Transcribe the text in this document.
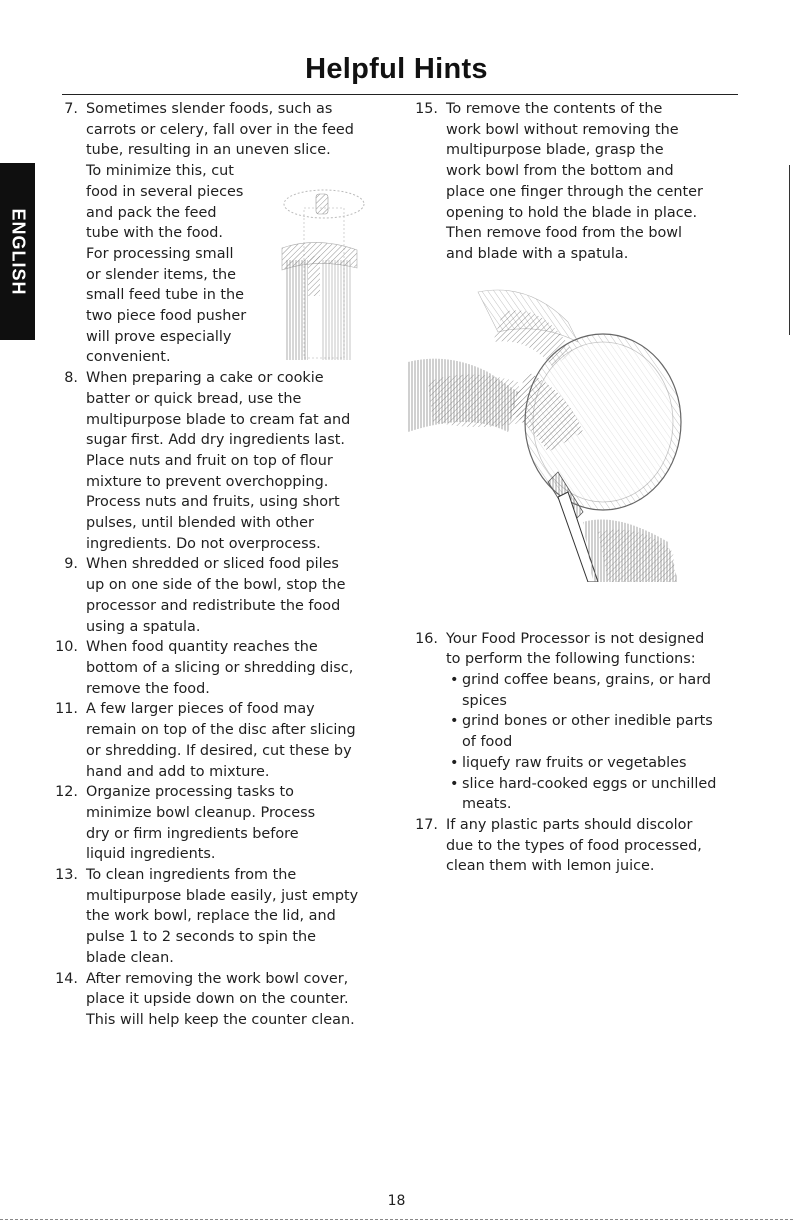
Helpful Hints
ENGLISH
7. Sometimes slender foods, such as

carrots or celery, fall over in the feed

tube, resulting in an uneven slice.

To minimize this, cut

food in several pieces

and pack the feed

tube with the food.

For processing small

or slender items, the

small feed tube in the

two piece food pusher

will prove especially

convenient.

8. When preparing a cake or cookie

batter or quick bread, use the

multipurpose blade to cream fat and

sugar first. Add dry ingredients last.

Place nuts and fruit on top of flour

mixture to prevent overchopping.

Process nuts and fruits, using short

pulses, until blended with other

ingredients. Do not overprocess.

9. When shredded or sliced food piles

up on one side of the bowl, stop the

processor and redistribute the food

using a spatula.

10. When food quantity reaches the

bottom of a slicing or shredding disc,

remove the food.

11. A few larger pieces of food may

remain on top of the disc after slicing

or shredding. If desired, cut these by

hand and add to mixture.

12. Organize processing tasks to

minimize bowl cleanup. Process

dry or firm ingredients before

liquid ingredients.

13. To clean ingredients from the

multipurpose blade easily, just empty

the work bowl, replace the lid, and

pulse 1 to 2 seconds to spin the

blade clean.

14. After removing the work bowl cover,

place it upside down on the counter.

This will help keep the counter clean.

15. To remove the contents of the

work bowl without removing the

multipurpose blade, grasp the

work bowl from the bottom and

place one finger through the center

opening to hold the blade in place.

Then remove food from the bowl

and blade with a spatula.

16. Your Food Processor is not designed

to perform the following functions:

• grind coffee beans, grains, or hard

spices

• grind bones or other inedible parts

of food

• liquefy raw fruits or vegetables

• slice hard-cooked eggs or unchilled

meats.

17. If any plastic parts should discolor

due to the types of food processed,

clean them with lemon juice.

18
